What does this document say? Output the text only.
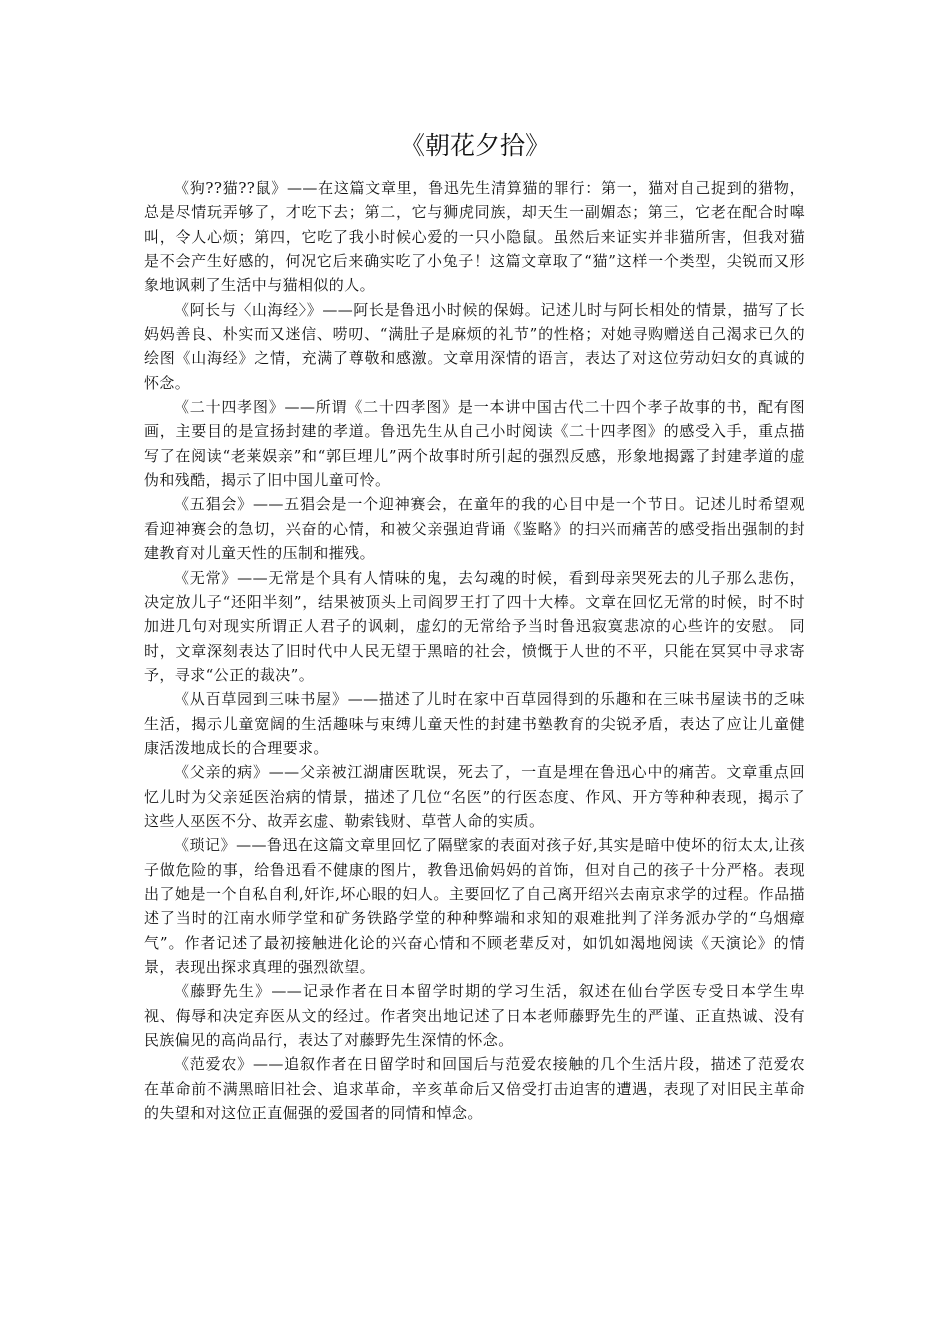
《朝花夕拾》

《狗??猫??鼠》——在这篇文章里，鲁迅先生清算猫的罪行：第一，猫对自己捉到的猎物，总是尽情玩弄够了，才吃下去；第二，它与狮虎同族，却天生一副媚态；第三，它老在配合时嗥叫，令人心烦；第四，它吃了我小时候心爱的一只小隐鼠。虽然后来证实并非猫所害，但我对猫是不会产生好感的，何况它后来确实吃了小兔子！这篇文章取了“猫”这样一个类型，尖锐而又形象地讽刺了生活中与猫相似的人。

《阿长与〈山海经〉》——阿长是鲁迅小时候的保姆。记述儿时与阿长相处的情景，描写了长妈妈善良、朴实而又迷信、唠叨、“满肚子是麻烦的礼节”的性格；对她寻购赠送自己渴求已久的绘图《山海经》之情，充满了尊敬和感激。文章用深情的语言，表达了对这位劳动妇女的真诚的怀念。

《二十四孝图》——所谓《二十四孝图》是一本讲中国古代二十四个孝子故事的书，配有图画，主要目的是宣扬封建的孝道。鲁迅先生从自己小时阅读《二十四孝图》的感受入手，重点描写了在阅读“老莱娱亲”和“郭巨埋儿”两个故事时所引起的强烈反感，形象地揭露了封建孝道的虚伪和残酷，揭示了旧中国儿童可怜。

《五猖会》——五猖会是一个迎神赛会，在童年的我的心目中是一个节日。记述儿时希望观看迎神赛会的急切，兴奋的心情，和被父亲强迫背诵《鉴略》的扫兴而痛苦的感受指出强制的封建教育对儿童天性的压制和摧残。

《无常》——无常是个具有人情味的鬼，去勾魂的时候，看到母亲哭死去的儿子那么悲伤，决定放儿子“还阳半刻”，结果被顶头上司阎罗王打了四十大棒。文章在回忆无常的时候，时不时加进几句对现实所谓正人君子的讽刺，虚幻的无常给予当时鲁迅寂寞悲凉的心些许的安慰。 同时，文章深刻表达了旧时代中人民无望于黑暗的社会，愤慨于人世的不平，只能在冥冥中寻求寄予，寻求“公正的裁决”。

《从百草园到三味书屋》——描述了儿时在家中百草园得到的乐趣和在三味书屋读书的乏味生活，揭示儿童宽阔的生活趣味与束缚儿童天性的封建书塾教育的尖锐矛盾，表达了应让儿童健康活泼地成长的合理要求。

《父亲的病》——父亲被江湖庸医耽误，死去了，一直是埋在鲁迅心中的痛苦。文章重点回忆儿时为父亲延医治病的情景，描述了几位“名医”的行医态度、作风、开方等种种表现，揭示了这些人巫医不分、故弄玄虚、勒索钱财、草菅人命的实质。

《琐记》——鲁迅在这篇文章里回忆了隔壁家的表面对孩子好,其实是暗中使坏的衍太太,让孩子做危险的事，给鲁迅看不健康的图片，教鲁迅偷妈妈的首饰，但对自己的孩子十分严格。表现出了她是一个自私自利,奸诈,坏心眼的妇人。主要回忆了自己离开绍兴去南京求学的过程。作品描述了当时的江南水师学堂和矿务铁路学堂的种种弊端和求知的艰难批判了洋务派办学的“乌烟瘴气”。作者记述了最初接触进化论的兴奋心情和不顾老辈反对，如饥如渴地阅读《天演论》的情景，表现出探求真理的强烈欲望。

《藤野先生》——记录作者在日本留学时期的学习生活，叙述在仙台学医专受日本学生卑视、侮辱和决定弃医从文的经过。作者突出地记述了日本老师藤野先生的严谨、正直热诚、没有民族偏见的高尚品行，表达了对藤野先生深情的怀念。

《范爱农》——追叙作者在日留学时和回国后与范爱农接触的几个生活片段，描述了范爱农在革命前不满黑暗旧社会、追求革命，辛亥革命后又倍受打击迫害的遭遇，表现了对旧民主革命的失望和对这位正直倔强的爱国者的同情和悼念。
